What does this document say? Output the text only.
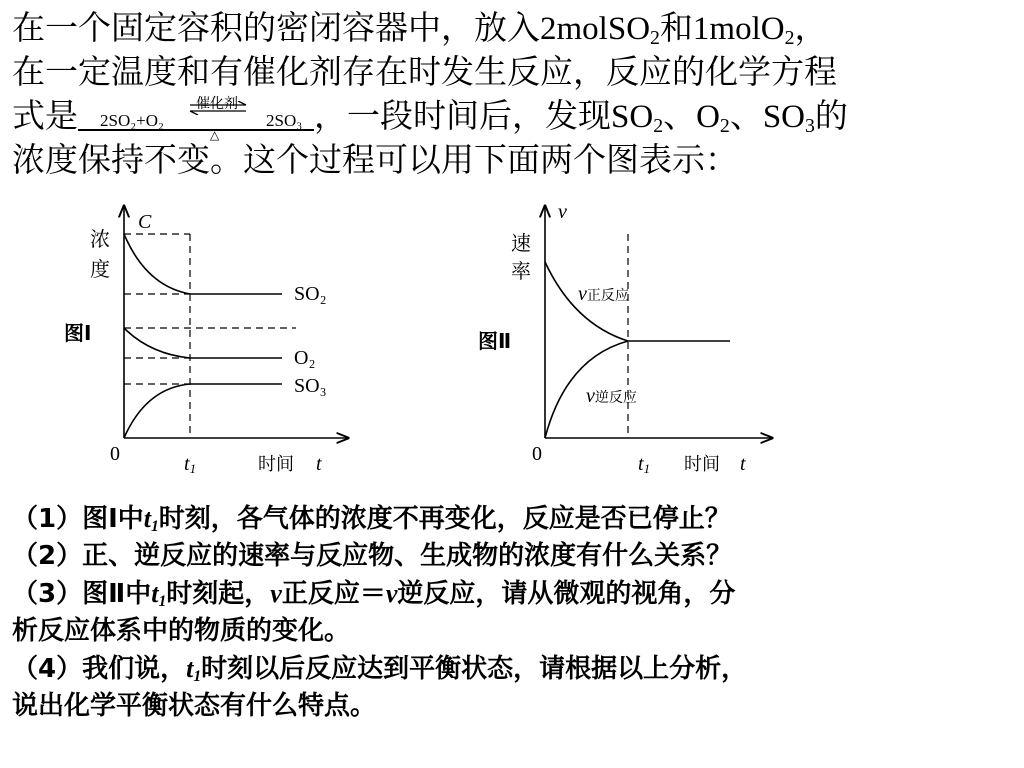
在一个固定容积的密闭容器中，放入2molSO$_2$和1molO$_2$，
在一定温度和有催化剂存在时发生反应，反应的化学方程
式是 2SO₂+O₂
催化剂
△
2SO₃ ，一段时间后，发现$SO_2$、$O_2$、$SO_3$的
浓度保持不变。这个过程可以用下面两个图表示：
C
浓
度
图Ⅰ
SO₂
O₂
SO₃
0	t1	时间 t
v
速
率
图Ⅱ
v正反应
v逆反应
0	t1 时间 t
（1）图Ⅰ中$t_1$时刻，各气体的浓度不再变化，反应是否已停止？
（2）正、逆反应的速率与反应物、生成物的浓度有什么关系？
（3）图Ⅱ中$t_1$时刻起，v正反应＝v逆反应，请从微观的视角，分
析反应体系中的物质的变化。
（4）我们说，$t_1$时刻以后反应达到平衡状态，请根据以上分析，
说出化学平衡状态有什么特点。
